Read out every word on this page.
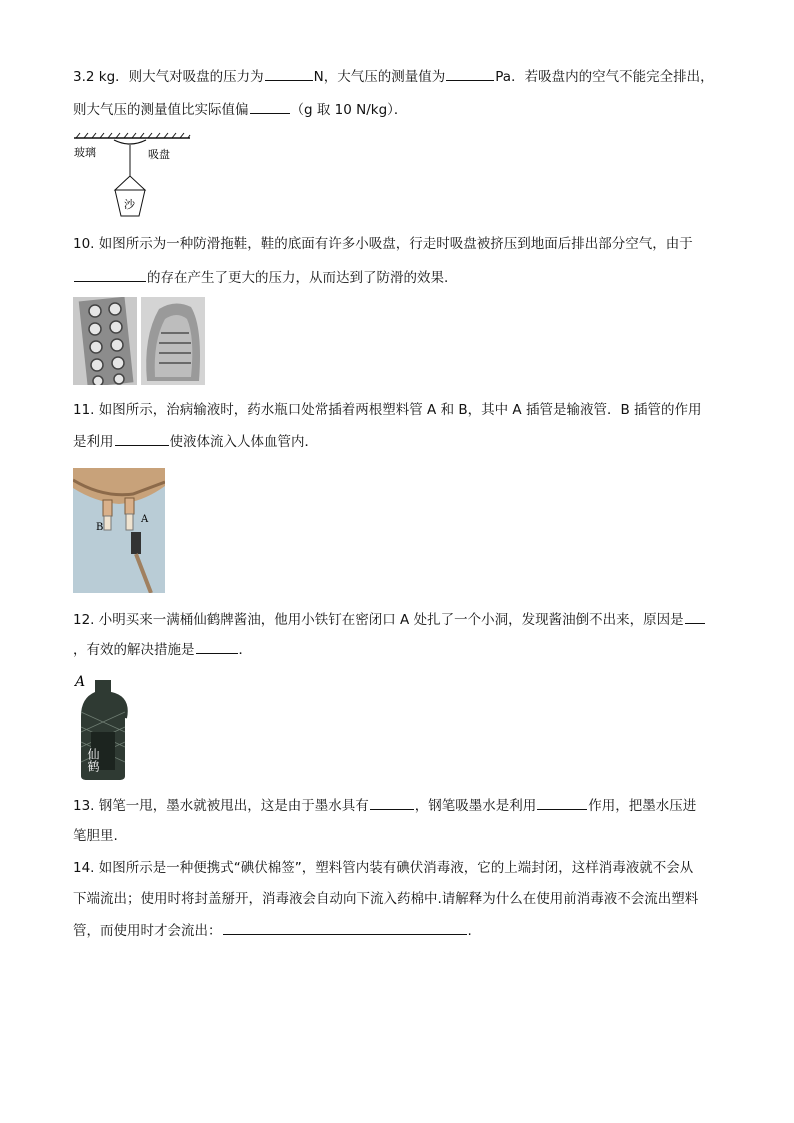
3.2 kg．则大气对吸盘的压力为	N，大气压的测量值为	Pa．若吸盘内的空气不能完全排出，
则大气压的测量值比实际值偏	（g 取 10 N/kg）．
玻璃	吸盘
沙
10. 如图所示为一种防滑拖鞋，鞋的底面有许多小吸盘，行走时吸盘被挤压到地面后排出部分空气，由于
的存在产生了更大的压力，从而达到了防滑的效果.
11. 如图所示，治病输液时，药水瓶口处常插着两根塑料管 A 和 B，其中 A 插管是输液管．B 插管的作用
是利用	使液体流入人体血管内．
B
A
12. 小明买来一满桶仙鹤牌酱油，他用小铁钉在密闭口 A 处扎了一个小洞，发现酱油倒不出来，原因是
，有效的解决措施是	．
仙鹤
A
13. 钢笔一甩，墨水就被甩出，这是由于墨水具有	，钢笔吸墨水是利用	作用，把墨水压进
笔胆里.
14. 如图所示是一种便携式“碘伏棉签”，塑料管内装有碘伏消毒液，它的上端封闭，这样消毒液就不会从
下端流出；使用时将封盖掰开，消毒液会自动向下流入药棉中.请解释为什么在使用前消毒液不会流出塑料
管，而使用时才会流出：	.
